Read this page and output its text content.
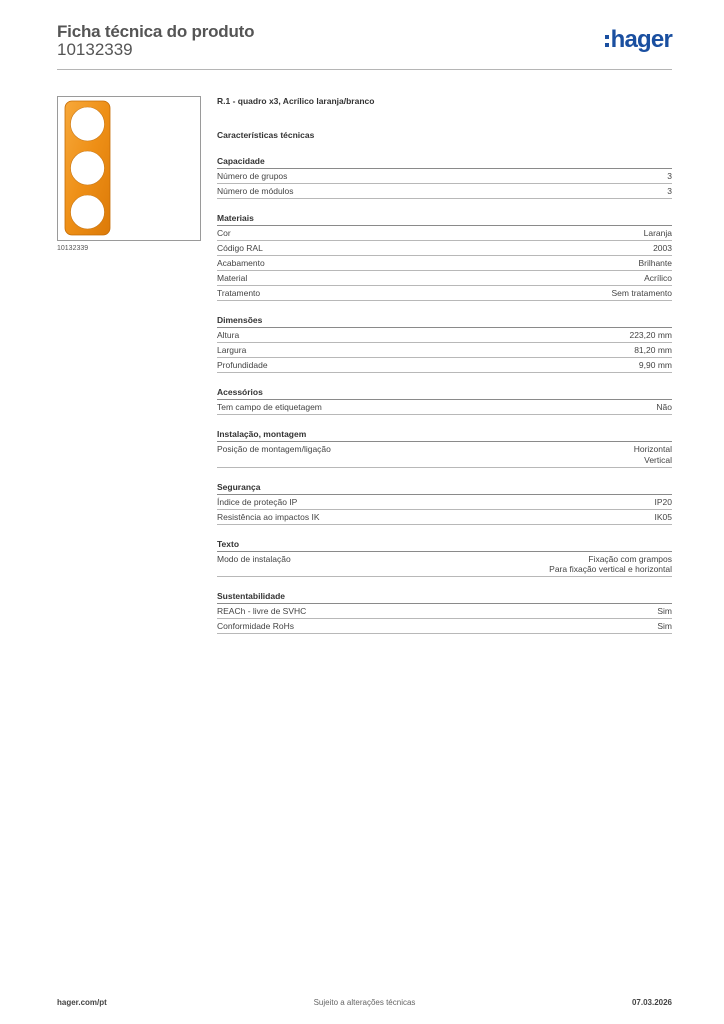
Ficha técnica do produto
10132339	hager
10132339
R.1 - quadro x3, Acrílico laranja/branco
Características técnicas
Capacidade
Número de grupos	3
Número de módulos	3
Materiais
Cor	Laranja
Código RAL	2003
Acabamento	Brilhante
Material	Acrílico
Tratamento	Sem tratamento
Dimensões
Altura	223,20 mm
Largura	81,20 mm
Profundidade	9,90 mm
Acessórios
Tem campo de etiquetagem	Não
Instalação, montagem
Posição de montagem/ligação	Horizontal
Vertical
Segurança
Índice de proteção IP	IP20
Resistência ao impactos IK	IK05
Texto
Modo de instalação	Fixação com grampos
Para fixação vertical e horizontal
Sustentabilidade
REACh - livre de SVHC	Sim
Conformidade RoHs	Sim
hager.com/pt	Sujeito a alterações técnicas	07.03.2026
